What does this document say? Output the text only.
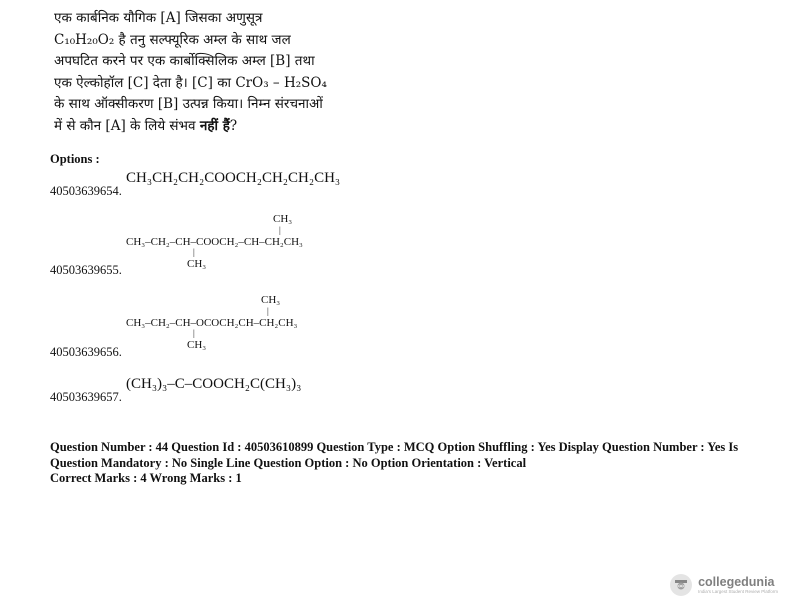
एक कार्बनिक यौगिक [A] जिसका अणुसूत्र
C₁₀H₂₀O₂ है तनु सल्फ्यूरिक अम्ल के साथ जल
अपघटित करने पर एक कार्बोक्सिलिक अम्ल [B] तथा
एक ऐल्कोहॉल [C] देता है। [C] का CrO₃ – H₂SO₄
के साथ ऑक्सीकरण [B] उत्पन्न किया। निम्न संरचनाओं
में से कौन [A] के लिये संभव नहीं हैं?
Options :
CH₃CH₂CH₂COOCH₂CH₂CH₂CH₃
40503639654.
CH₃
|
CH₃–CH₂–CH–COOCH₂–CH–CH₂CH₃
|
CH₃
40503639655.
CH₃
|
CH₃–CH₂–CH–OCOCH₂CH–CH₂CH₃
|
CH₃
40503639656.
(CH₃)₃–C–COOCH₂C(CH₃)₃
40503639657.
Question Number : 44 Question Id : 40503610899 Question Type : MCQ Option Shuffling : Yes Display Question Number : Yes Is
Question Mandatory : No Single Line Question Option : No Option Orientation : Vertical
Correct Marks : 4 Wrong Marks : 1
collegedunia
India's Largest Student Review Platform
